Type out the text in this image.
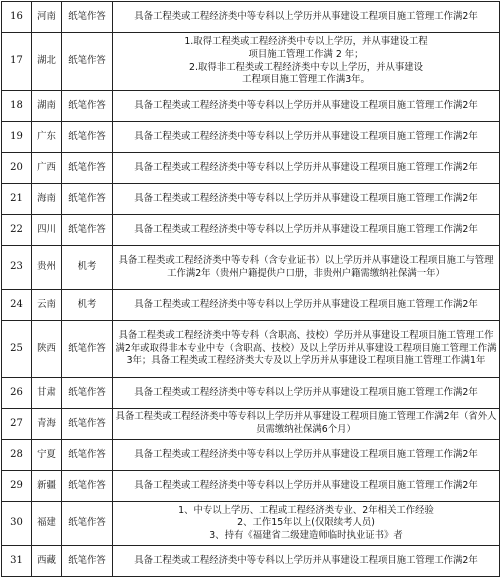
16	河南	纸笔作答	具备工程类或工程经济类中等专科以上学历并从事建设工程项目施工管理工作满2年
17	湖北	纸笔作答	1.取得工程类或工程经济类中专以上学历，并从事建设工程
项目施工管理工作满 2 年；
2.取得非工程类或工程经济类中专以上学历，并从事建设
工程项目施工管理工作满3年。
18	湖南	纸笔作答	具备工程类或工程经济类中等专科以上学历并从事建设工程项目施工管理工作满2年
19	广东	纸笔作答	具备工程类或工程经济类中等专科以上学历并从事建设工程项目施工管理工作满2年
20	广西	纸笔作答	具备工程类或工程经济类中等专科以上学历并从事建设工程项目施工管理工作满2年
21	海南	纸笔作答	具备工程类或工程经济类中等专科以上学历并从事建设工程项目施工管理工作满2年
22	四川	纸笔作答	具备工程类或工程经济类中等专科以上学历并从事建设工程项目施工管理工作满2年
23	贵州	机考	具备工程类或工程经济类中等专科（含专业证书）以上学历并从事建设工程项目施工与管理工作满2年（贵州户籍提供户口册，非贵州户籍需缴纳社保满一年）
24	云南	机考	具备工程类或工程经济类中等专科以上学历并从事建设工程项目施工管理工作满2年
25	陕西	纸笔作答	具备工程类或工程经济类中等专科（含职高、技校）学历并从事建设工程项目施工管理工作满2年或取得非本专业中专（含职高、技校）及以上学历并从事建设工程项目施工管理工作满3年；具备工程类或工程经济类大专及以上学历并从事建设工程项目施工管理工作满1年
26	甘肃	纸笔作答	具备工程类或工程经济类中等专科以上学历并从事建设工程项目施工管理工作满2年
27	青海	纸笔作答	具备工程类或工程经济类中等专科以上学历并从事建设工程项目施工管理工作满2年（省外人员需缴纳社保满6个月）
28	宁夏	纸笔作答	具备工程类或工程经济类中等专科以上学历并从事建设工程项目施工管理工作满2年
29	新疆	纸笔作答	具备工程类或工程经济类中等专科以上学历并从事建设工程项目施工管理工作满2年
30	福建	纸笔作答	1、中专以上学历、工程或工程经济类专业、2年相关工作经验
2、工作15年以上(仅限续考人员)
3、持有《福建省二级建造师临时执业证书》者
31	西藏	纸笔作答	具备工程类或工程经济类中等专科以上学历并从事建设工程项目施工管理工作满2年
